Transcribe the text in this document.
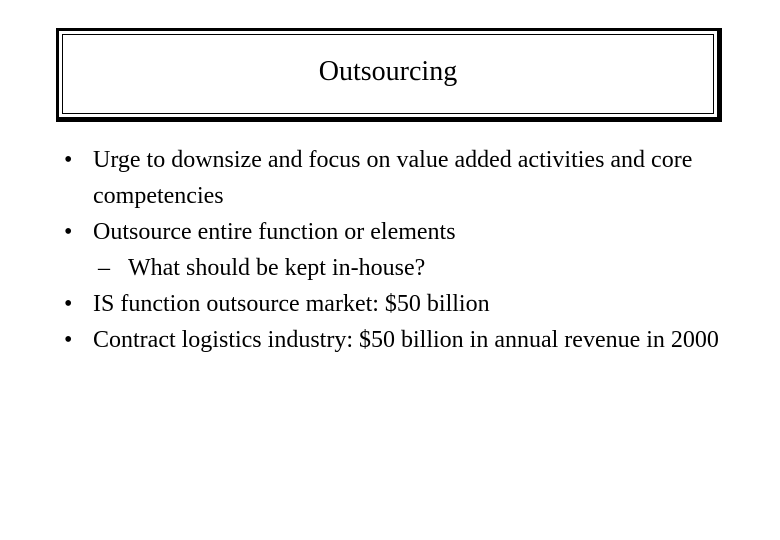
Outsourcing
• Urge to downsize and focus on value added activities and core competencies
• Outsource entire function or elements
– What should be kept in-house?
• IS function outsource market: $50 billion
• Contract logistics industry: $50 billion in annual revenue in 2000
